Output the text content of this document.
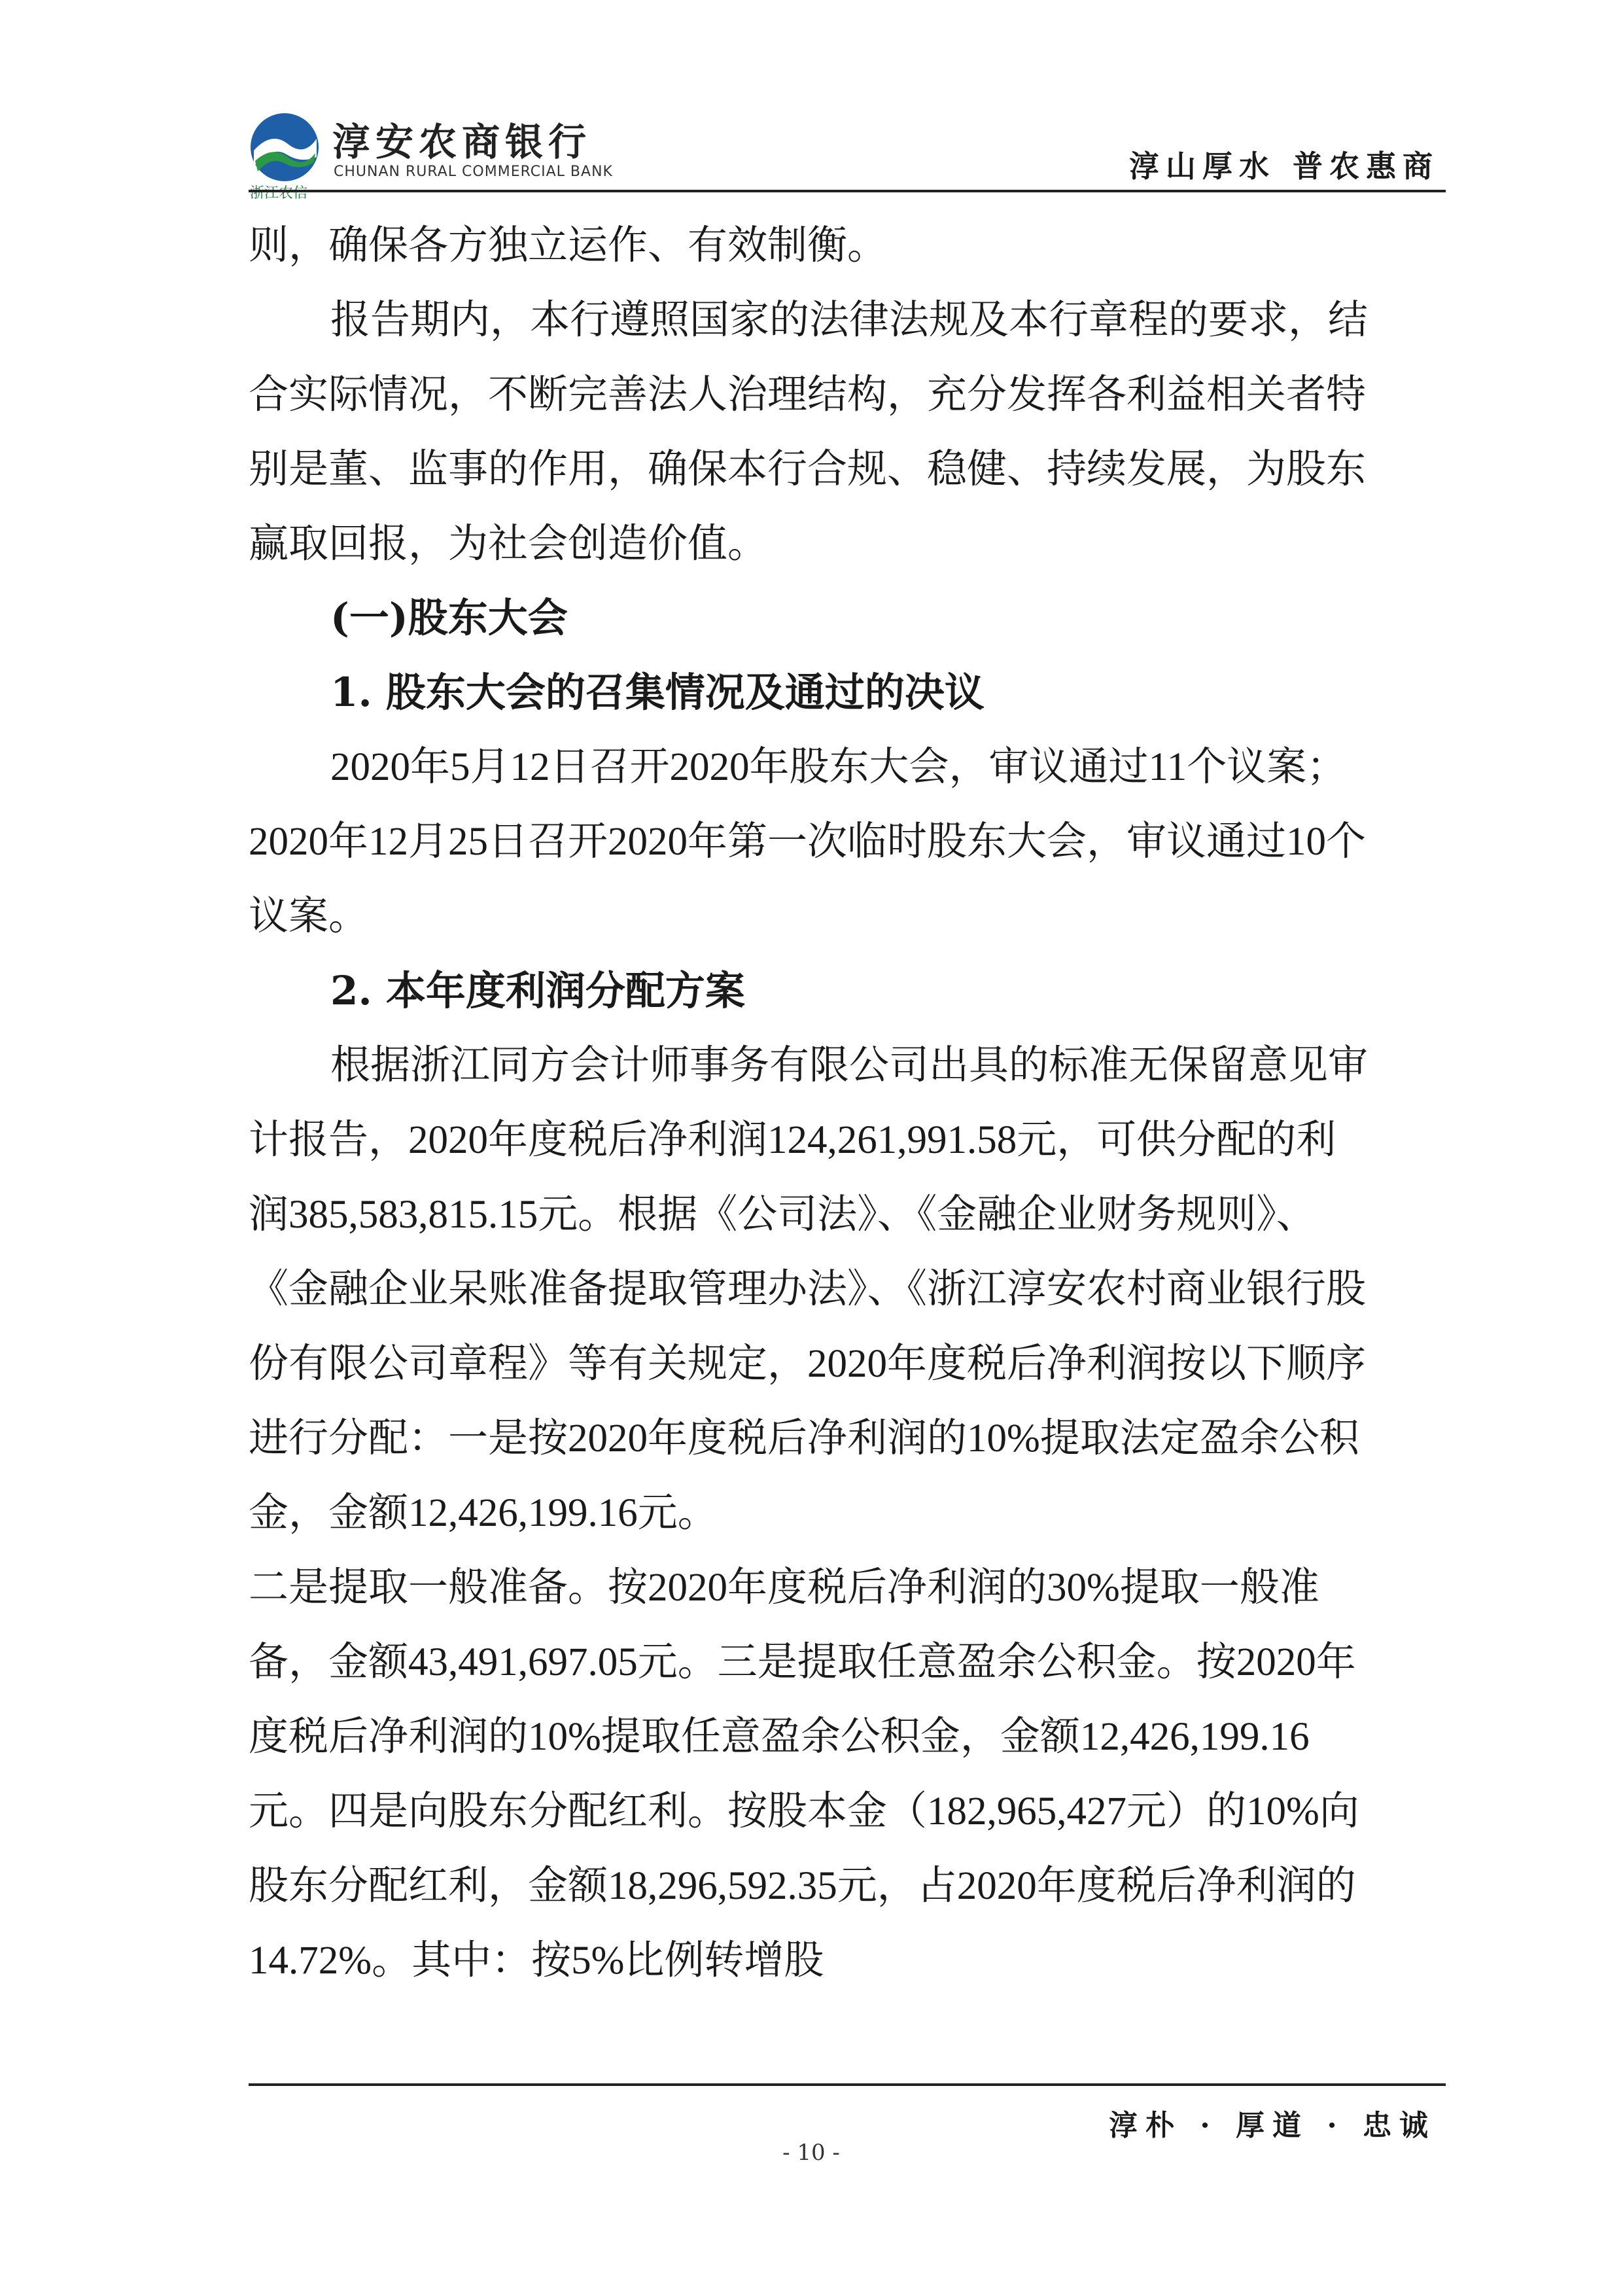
浙江农信
淳安农商银行
CHUNAN RURAL COMMERCIAL BANK	淳山厚水 普农惠商

则，确保各方独立运作、有效制衡。

报告期内，本行遵照国家的法律法规及本行章程的要求，结合实际情况，不断完善法人治理结构，充分发挥各利益相关者特别是董、监事的作用，确保本行合规、稳健、持续发展，为股东赢取回报，为社会创造价值。

(一)股东大会

1. 股东大会的召集情况及通过的决议

2020年5月12日召开2020年股东大会，审议通过11个议案；2020年12月25日召开2020年第一次临时股东大会，审议通过10个议案。

2. 本年度利润分配方案

根据浙江同方会计师事务有限公司出具的标准无保留意见审计报告，2020年度税后净利润124,261,991.58元，可供分配的利润385,583,815.15元。根据《公司法》、《金融企业财务规则》、《金融企业呆账准备提取管理办法》、《浙江淳安农村商业银行股份有限公司章程》等有关规定，2020年度税后净利润按以下顺序进行分配：一是按2020年度税后净利润的10%提取法定盈余公积金，金额12,426,199.16元。

二是提取一般准备。按2020年度税后净利润的30%提取一般准备，金额43,491,697.05元。三是提取任意盈余公积金。按2020年度税后净利润的10%提取任意盈余公积金，金额12,426,199.16元。四是向股东分配红利。按股本金（182,965,427元）的10%向股东分配红利，金额18,296,592.35元，占2020年度税后净利润的14.72%。其中：按5%比例转增股

淳朴 · 厚道 · 忠诚
- 10 -
